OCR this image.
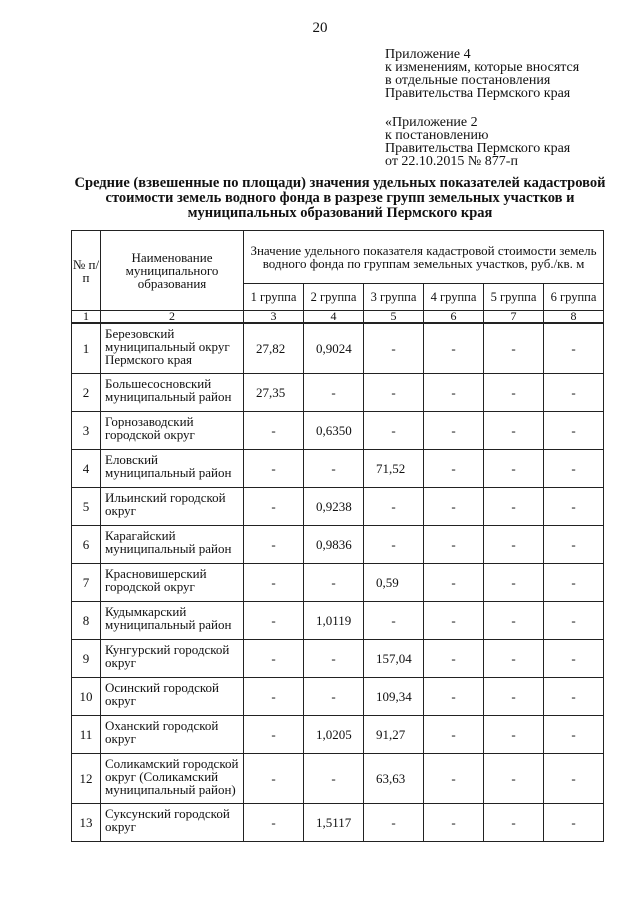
20
Приложение 4
к изменениям, которые вносятся
в отдельные постановления
Правительства Пермского края
«Приложение 2
к постановлению
Правительства Пермского края
от 22.10.2015 № 877-п
Средние (взвешенные по площади) значения удельных показателей кадастровой стоимости земель водного фонда в разрезе групп земельных участков и муниципальных образований Пермского края
№ п/п	Наименование муниципального образования	Значение удельного показателя кадастровой стоимости земель водного фонда по группам земельных участков, руб./кв. м					
		1 группа	2 группа	3 группа	4 группа	5 группа	6 группа
1	2	3	4	5	6	7	8
1	Березовский муниципальный округ Пермского края	27,82	0,9024	-	-	-	-
2	Большесосновский муниципальный район	27,35	-	-	-	-	-
3	Горнозаводский городской округ	-	0,6350	-	-	-	-
4	Еловский муниципальный район	-	-	71,52	-	-	-
5	Ильинский городской округ	-	0,9238	-	-	-	-
6	Карагайский муниципальный район	-	0,9836	-	-	-	-
7	Красновишерский городской округ	-	-	0,59	-	-	-
8	Кудымкарский муниципальный район	-	1,0119	-	-	-	-
9	Кунгурский городской округ	-	-	157,04	-	-	-
10	Осинский городской округ	-	-	109,34	-	-	-
11	Оханский городской округ	-	1,0205	91,27	-	-	-
12	Соликамский городской округ (Соликамский муниципальный район)	-	-	63,63	-	-	-
13	Суксунский городской округ	-	1,5117	-	-	-	-
